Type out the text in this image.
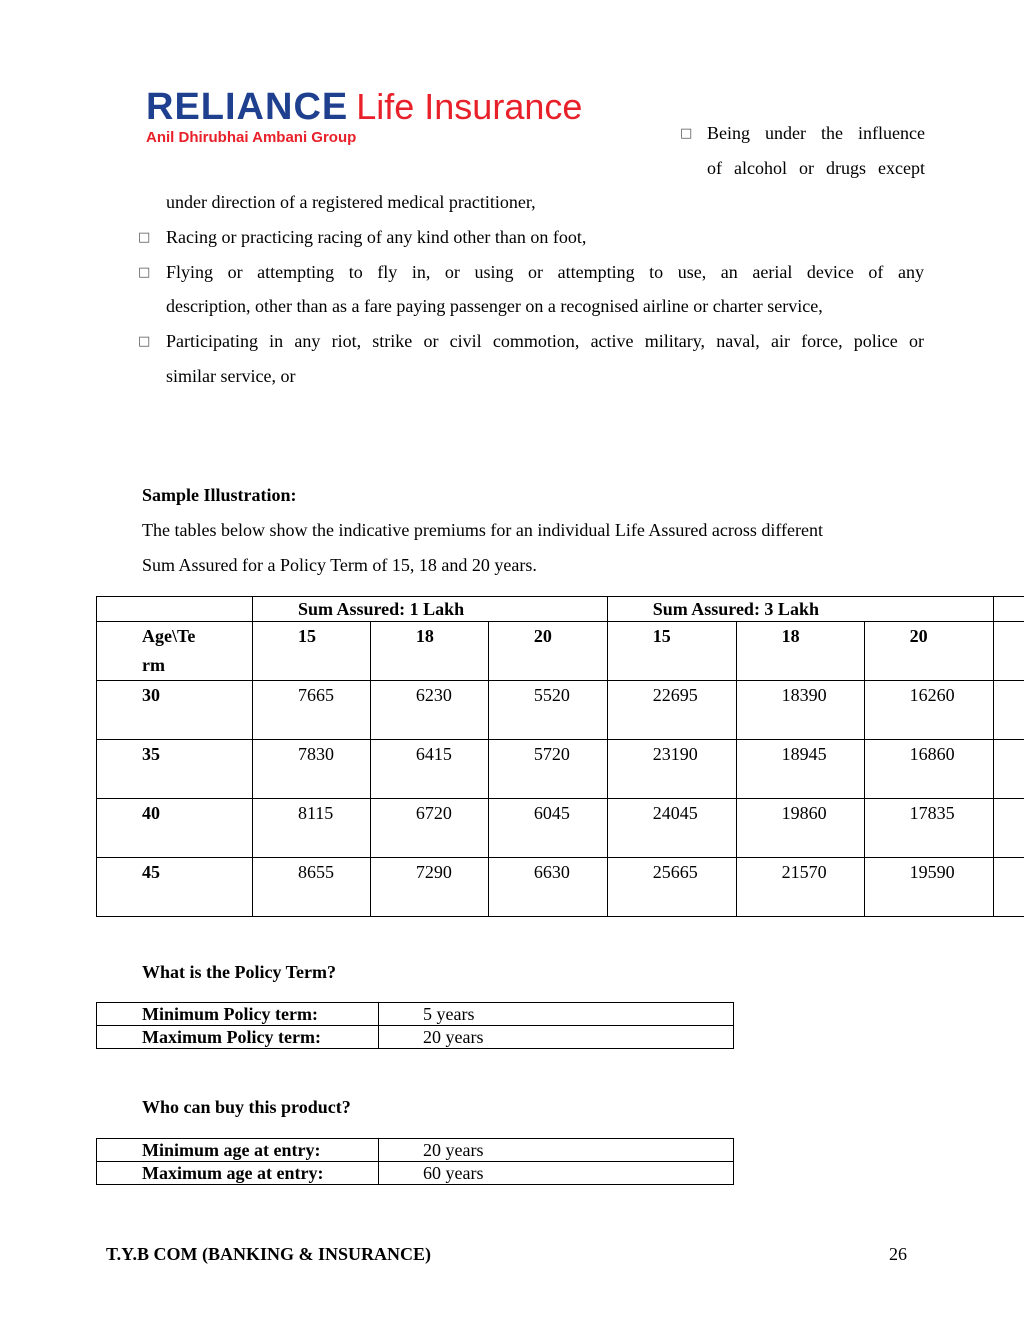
RELIANCE Life Insurance
Anil Dhirubhai Ambani Group	□ Being under the influence
of alcohol or drugs except
under direction of a registered medical practitioner,
□ Racing or practicing racing of any kind other than on foot,
□ Flying or attempting to fly in, or using or attempting to use, an aerial device of any
description, other than as a fare paying passenger on a recognised airline or charter service,
□ Participating in any riot, strike or civil commotion, active military, naval, air force, police or
similar service, or
Sample Illustration:
The tables below show the indicative premiums for an individual Life Assured across different
Sum Assured for a Policy Term of 15, 18 and 20 years.
	Sum Assured: 1 Lakh			Sum Assured: 3 Lakh			

Age\Term	15	18	20	15	18	20	

30	7665	6230	5520	22695	18390	16260	

35	7830	6415	5720	23190	18945	16860	

40	8115	6720	6045	24045	19860	17835	

45	8655	7290	6630	25665	21570	19590	

What is the Policy Term?
Minimum Policy term:	5 years
Maximum Policy term:	20 years
Who can buy this product?
Minimum age at entry:	20 years
Maximum age at entry:	60 years
T.Y.B COM (BANKING & INSURANCE)	26
